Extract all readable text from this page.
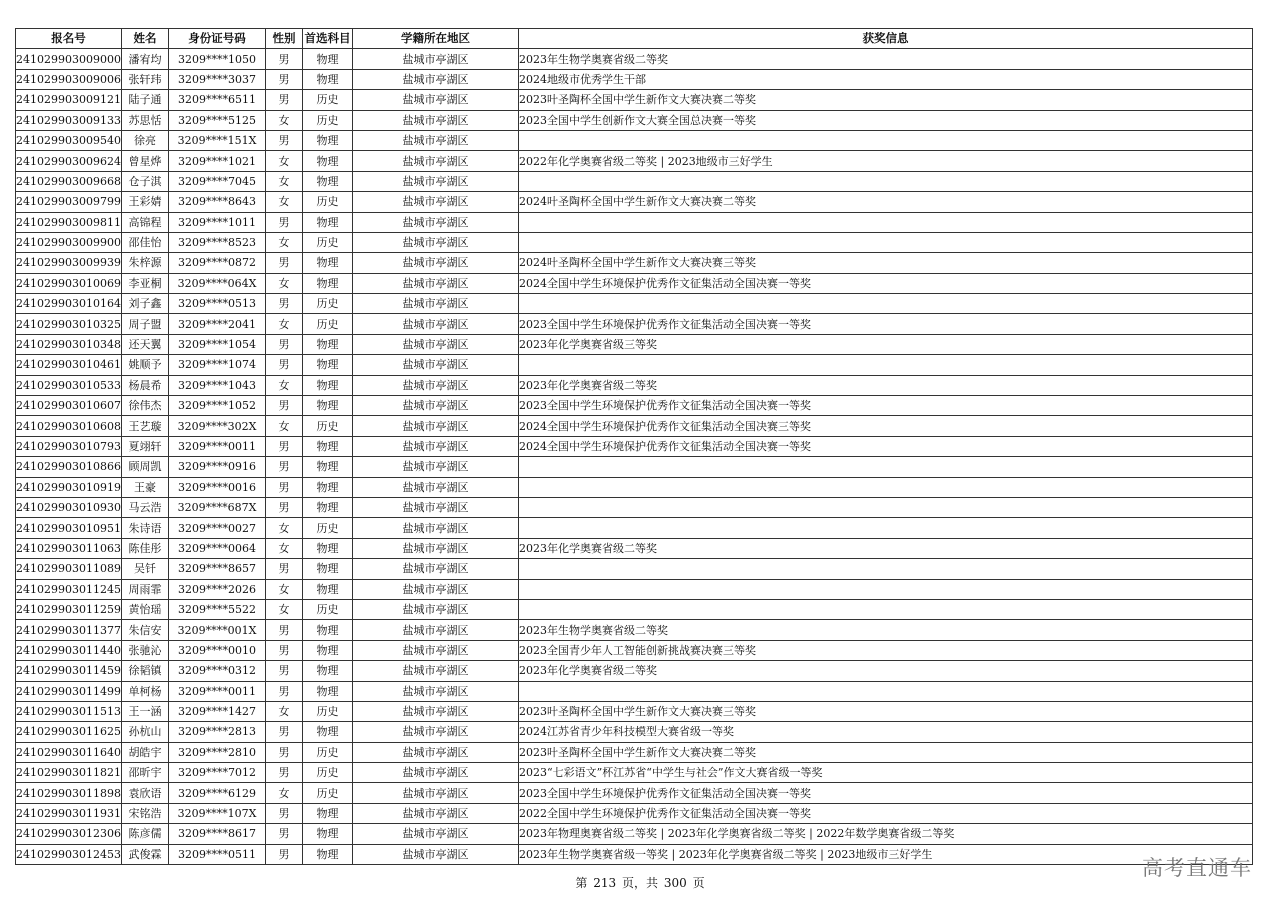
报名号	姓名	身份证号码	性别	首选科目	学籍所在地区	获奖信息
241029903009000	潘宥均	3209****1050	男	物理	盐城市亭湖区	2023年生物学奥赛省级二等奖
241029903009006	张轩玮	3209****3037	男	物理	盐城市亭湖区	2024地级市优秀学生干部
241029903009121	陆子通	3209****6511	男	历史	盐城市亭湖区	2023叶圣陶杯全国中学生新作文大赛决赛二等奖
241029903009133	苏思恬	3209****5125	女	历史	盐城市亭湖区	2023全国中学生创新作文大赛全国总决赛一等奖
241029903009540	徐亮	3209****151X	男	物理	盐城市亭湖区	
241029903009624	曾星烨	3209****1021	女	物理	盐城市亭湖区	2022年化学奥赛省级二等奖 | 2023地级市三好学生
241029903009668	仓子淇	3209****7045	女	物理	盐城市亭湖区	
241029903009799	王彩婧	3209****8643	女	历史	盐城市亭湖区	2024叶圣陶杯全国中学生新作文大赛决赛二等奖
241029903009811	高锦程	3209****1011	男	物理	盐城市亭湖区	
241029903009900	邵佳怡	3209****8523	女	历史	盐城市亭湖区	
241029903009939	朱梓源	3209****0872	男	物理	盐城市亭湖区	2024叶圣陶杯全国中学生新作文大赛决赛三等奖
241029903010069	李亚桐	3209****064X	女	物理	盐城市亭湖区	2024全国中学生环境保护优秀作文征集活动全国决赛一等奖
241029903010164	刘子鑫	3209****0513	男	历史	盐城市亭湖区	
241029903010325	周子盟	3209****2041	女	历史	盐城市亭湖区	2023全国中学生环境保护优秀作文征集活动全国决赛一等奖
241029903010348	还天翼	3209****1054	男	物理	盐城市亭湖区	2023年化学奥赛省级三等奖
241029903010461	姚顺予	3209****1074	男	物理	盐城市亭湖区	
241029903010533	杨晨希	3209****1043	女	物理	盐城市亭湖区	2023年化学奥赛省级二等奖
241029903010607	徐伟杰	3209****1052	男	物理	盐城市亭湖区	2023全国中学生环境保护优秀作文征集活动全国决赛一等奖
241029903010608	王艺璇	3209****302X	女	历史	盐城市亭湖区	2024全国中学生环境保护优秀作文征集活动全国决赛三等奖
241029903010793	夏翊轩	3209****0011	男	物理	盐城市亭湖区	2024全国中学生环境保护优秀作文征集活动全国决赛一等奖
241029903010866	顾周凯	3209****0916	男	物理	盐城市亭湖区	
241029903010919	王豪	3209****0016	男	物理	盐城市亭湖区	
241029903010930	马云浩	3209****687X	男	物理	盐城市亭湖区	
241029903010951	朱诗语	3209****0027	女	历史	盐城市亭湖区	
241029903011063	陈佳彤	3209****0064	女	物理	盐城市亭湖区	2023年化学奥赛省级二等奖
241029903011089	吴钎	3209****8657	男	物理	盐城市亭湖区	
241029903011245	周雨霏	3209****2026	女	物理	盐城市亭湖区	
241029903011259	黄怡瑶	3209****5522	女	历史	盐城市亭湖区	
241029903011377	朱信安	3209****001X	男	物理	盐城市亭湖区	2023年生物学奥赛省级二等奖
241029903011440	张驰沁	3209****0010	男	物理	盐城市亭湖区	2023全国青少年人工智能创新挑战赛决赛三等奖
241029903011459	徐韬镇	3209****0312	男	物理	盐城市亭湖区	2023年化学奥赛省级二等奖
241029903011499	单柯杨	3209****0011	男	物理	盐城市亭湖区	
241029903011513	王一涵	3209****1427	女	历史	盐城市亭湖区	2023叶圣陶杯全国中学生新作文大赛决赛三等奖
241029903011625	孙杭山	3209****2813	男	物理	盐城市亭湖区	2024江苏省青少年科技模型大赛省级一等奖
241029903011640	胡皓宇	3209****2810	男	历史	盐城市亭湖区	2023叶圣陶杯全国中学生新作文大赛决赛二等奖
241029903011821	邵昕宇	3209****7012	男	历史	盐城市亭湖区	2023“七彩语文”杯江苏省“中学生与社会”作文大赛省级一等奖
241029903011898	袁欣语	3209****6129	女	历史	盐城市亭湖区	2023全国中学生环境保护优秀作文征集活动全国决赛一等奖
241029903011931	宋铭浩	3209****107X	男	物理	盐城市亭湖区	2022全国中学生环境保护优秀作文征集活动全国决赛一等奖
241029903012306	陈彦儒	3209****8617	男	物理	盐城市亭湖区	2023年物理奥赛省级二等奖 | 2023年化学奥赛省级二等奖 | 2022年数学奥赛省级二等奖
241029903012453	武俊霖	3209****0511	男	物理	盐城市亭湖区	2023年生物学奥赛省级一等奖 | 2023年化学奥赛省级二等奖 | 2023地级市三好学生
第 213 页，共 300 页
高考直通车
